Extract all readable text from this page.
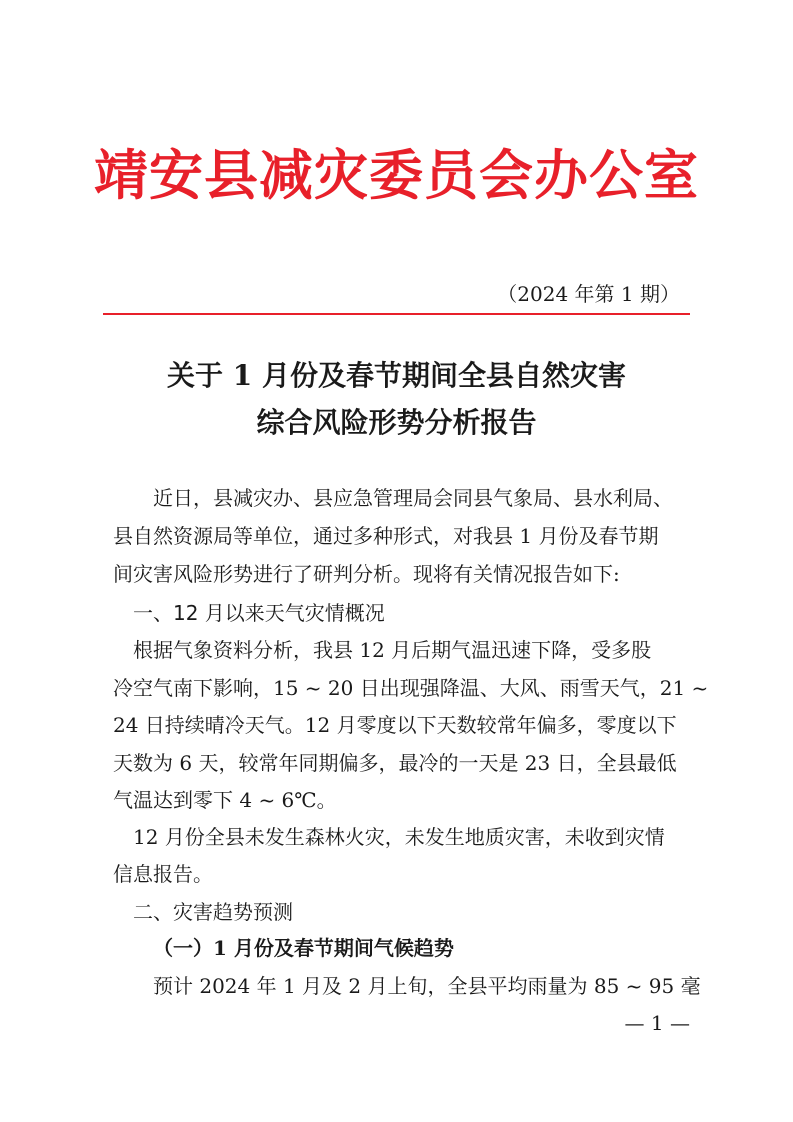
靖安县减灾委员会办公室
（2024 年第 1 期）
关于 1 月份及春节期间全县自然灾害
综合风险形势分析报告
近日，县减灾办、县应急管理局会同县气象局、县水利局、
县自然资源局等单位，通过多种形式，对我县 1 月份及春节期
间灾害风险形势进行了研判分析。现将有关情况报告如下:
一、12 月以来天气灾情概况
根据气象资料分析，我县 12 月后期气温迅速下降，受多股
冷空气南下影响，15 ~ 20 日出现强降温、大风、雨雪天气，21 ~
24 日持续晴冷天气。12 月零度以下天数较常年偏多，零度以下
天数为 6 天，较常年同期偏多，最冷的一天是 23 日，全县最低
气温达到零下 4 ~ 6℃。
12 月份全县未发生森林火灾，未发生地质灾害，未收到灾情
信息报告。
二、灾害趋势预测
（一）1 月份及春节期间气候趋势
预计 2024 年 1 月及 2 月上旬，全县平均雨量为 85 ~ 95 毫
— 1 —
